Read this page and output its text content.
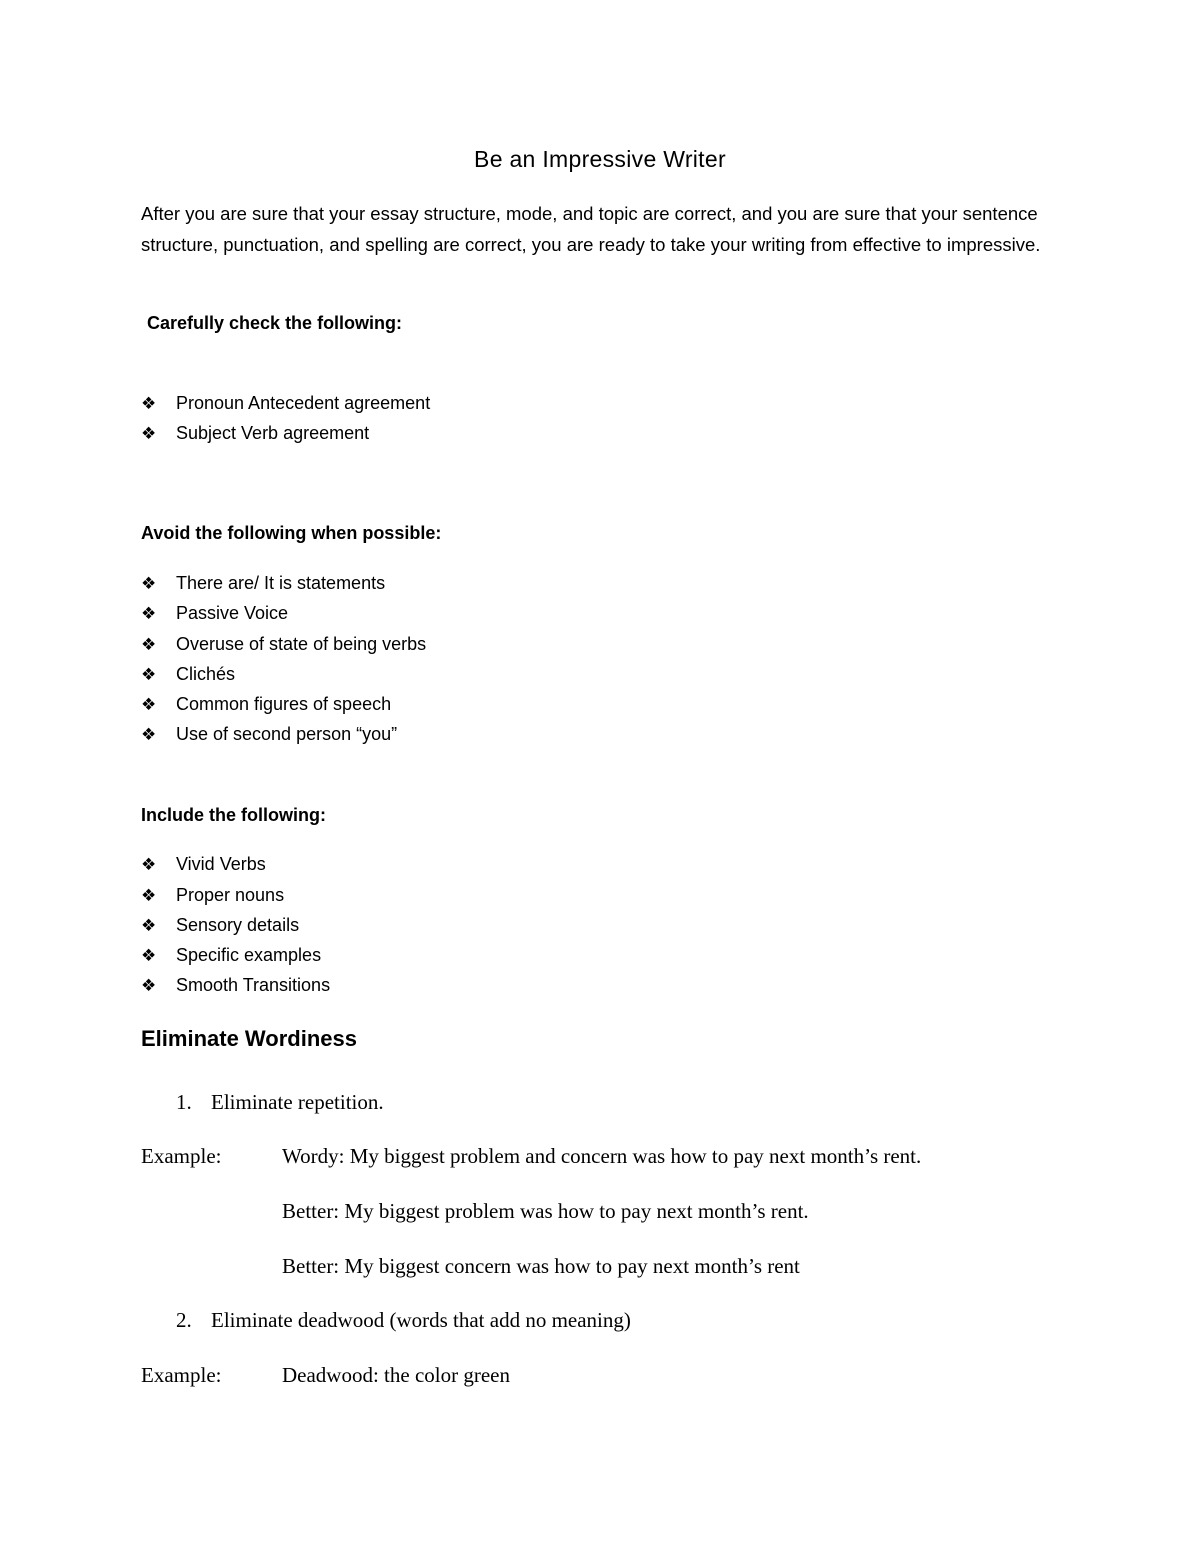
Be an Impressive Writer
After you are sure that your essay structure, mode, and topic are correct, and you are sure that your sentence structure, punctuation, and spelling are correct, you are ready to take your writing from effective to impressive.
Carefully check the following:
❖ Pronoun Antecedent agreement
❖ Subject Verb agreement
Avoid the following when possible:
❖ There are/ It is statements
❖ Passive Voice
❖ Overuse of state of being verbs
❖ Clichés
❖ Common figures of speech
❖ Use of second person “you”
Include the following:
❖ Vivid Verbs
❖ Proper nouns
❖ Sensory details
❖ Specific examples
❖ Smooth Transitions
Eliminate Wordiness
1. Eliminate repetition.
Example:	Wordy: My biggest problem and concern was how to pay next month’s rent.
Better: My biggest problem was how to pay next month’s rent.
Better: My biggest concern was how to pay next month’s rent
2. Eliminate deadwood (words that add no meaning)
Example:	Deadwood: the color green
